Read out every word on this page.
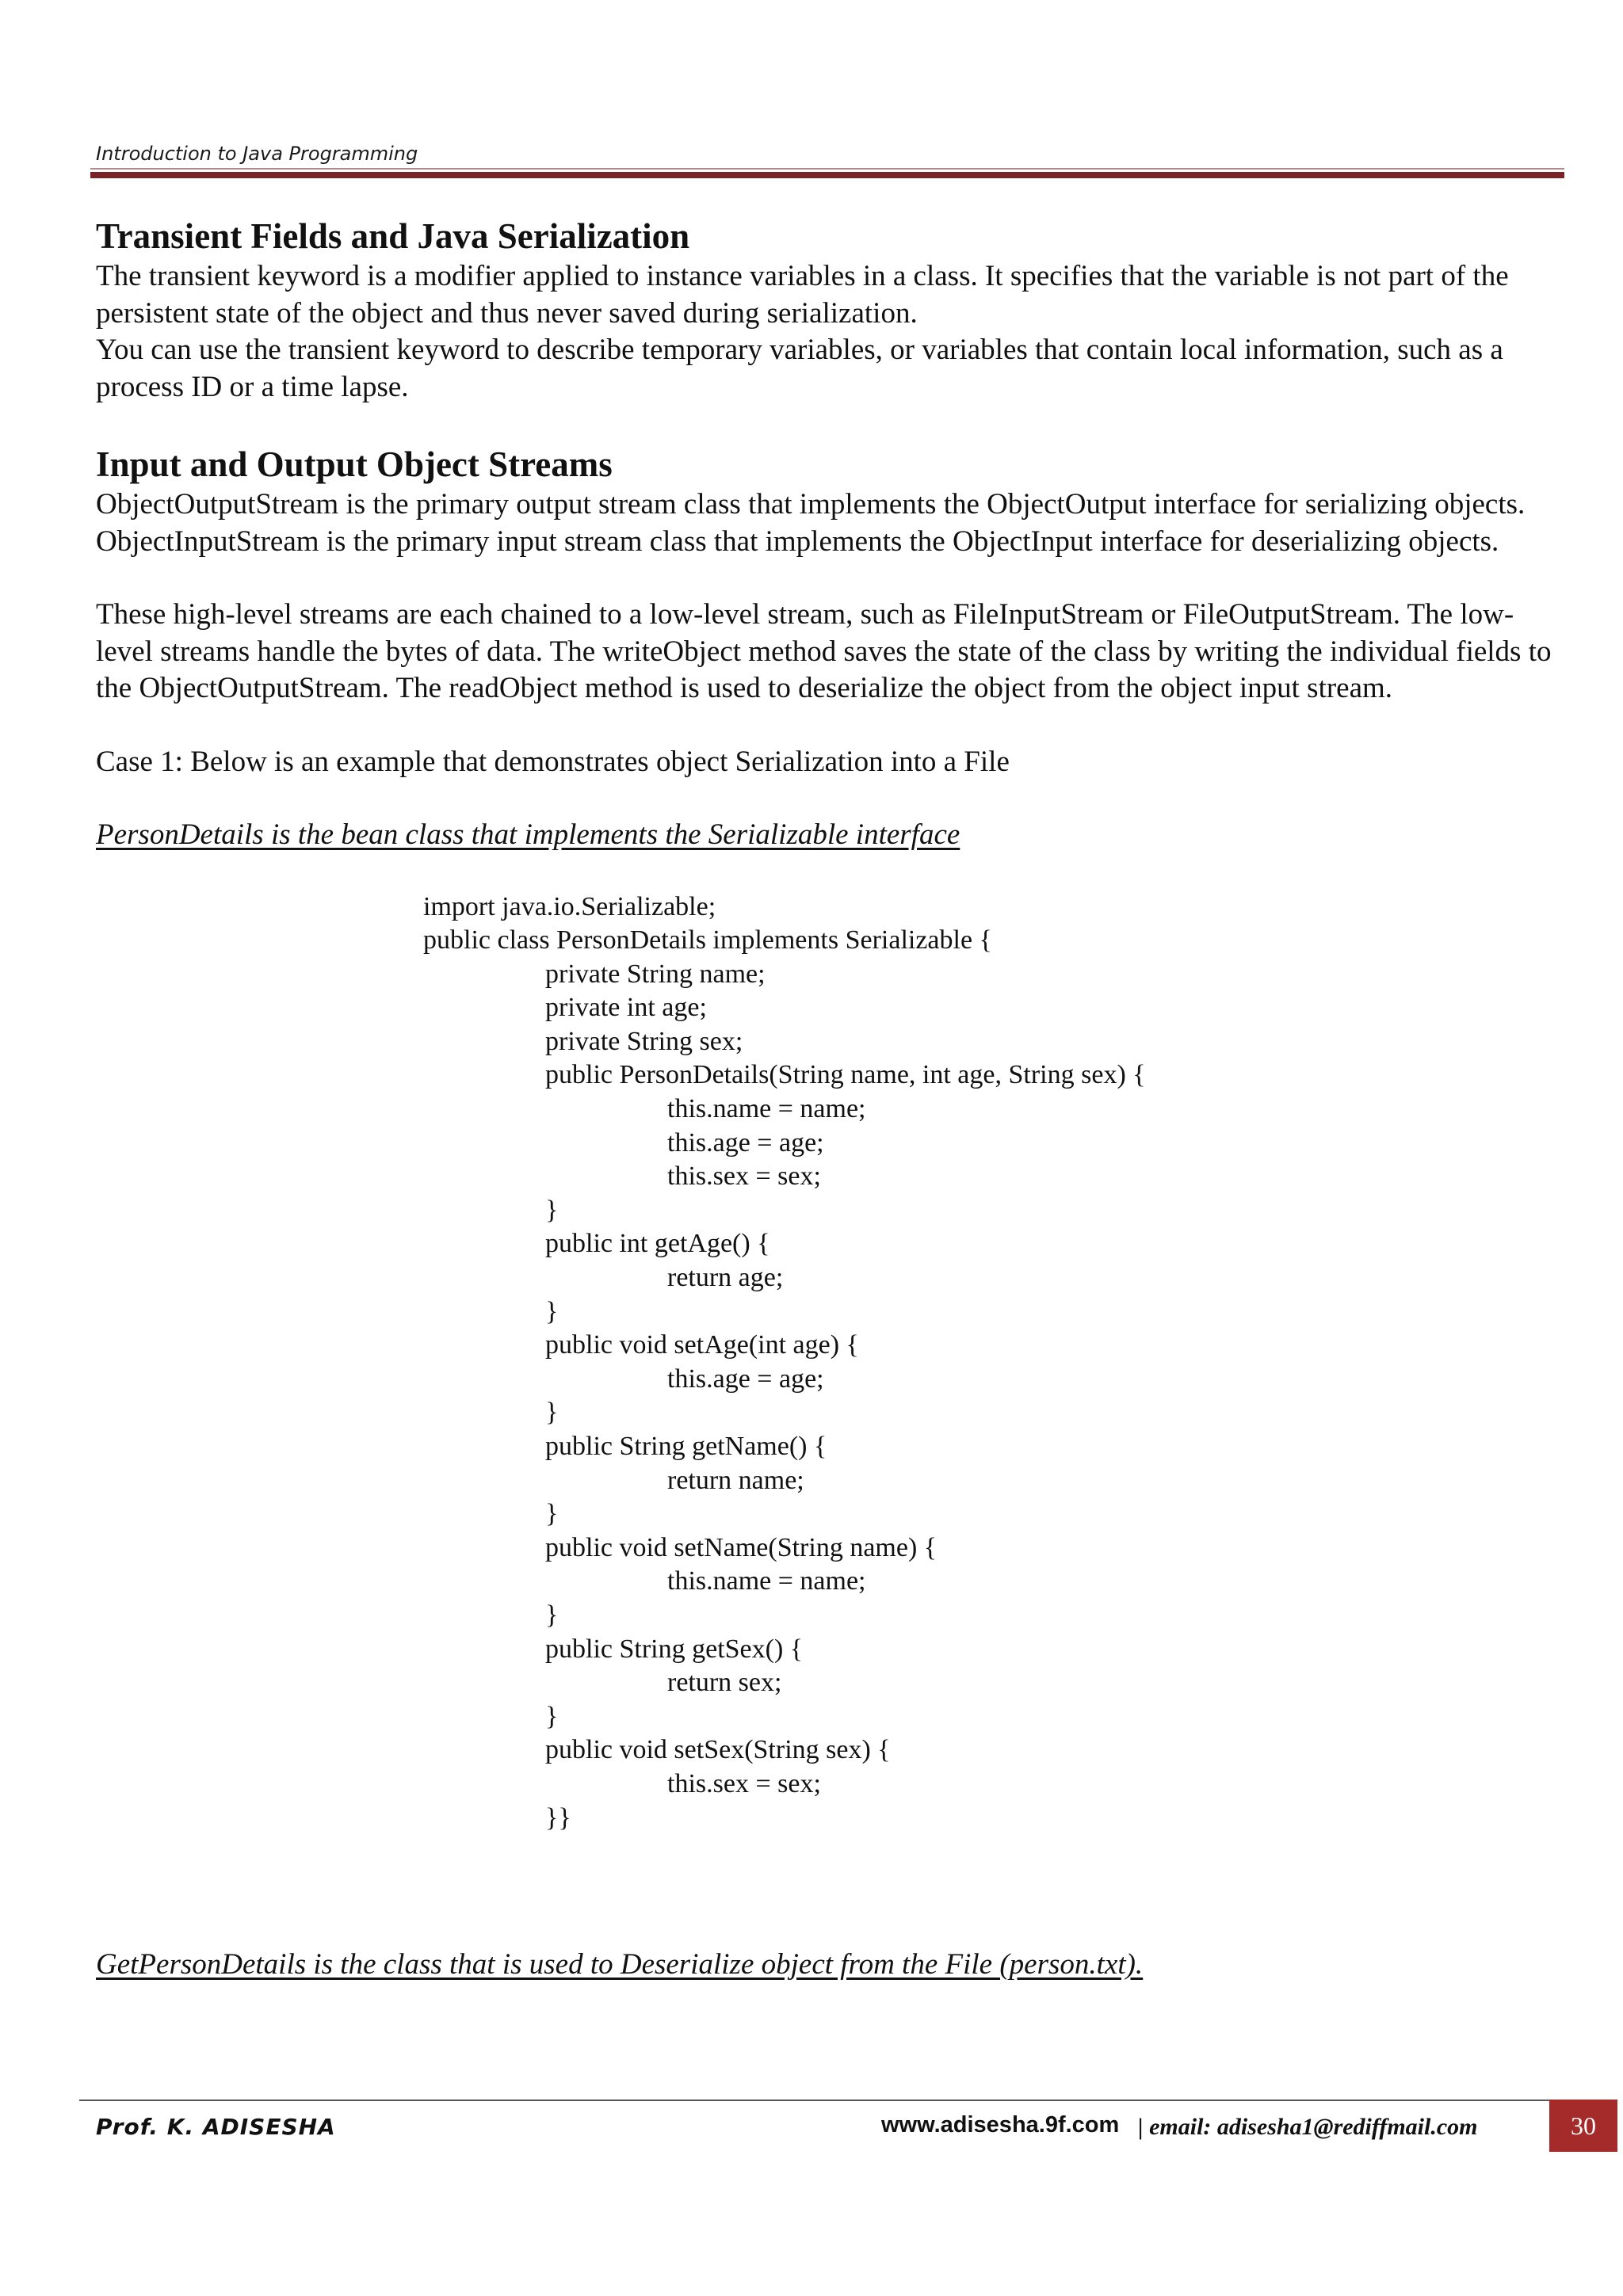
Introduction to Java Programming
Transient Fields and Java Serialization

The transient keyword is a modifier applied to instance variables in a class. It specifies that the variable is not part of the persistent state of the object and thus never saved during serialization.

You can use the transient keyword to describe temporary variables, or variables that contain local information, such as a process ID or a time lapse.

Input and Output Object Streams

ObjectOutputStream is the primary output stream class that implements the ObjectOutput interface for serializing objects. ObjectInputStream is the primary input stream class that implements the ObjectInput interface for deserializing objects.

These high-level streams are each chained to a low-level stream, such as FileInputStream or FileOutputStream. The low-level streams handle the bytes of data. The writeObject method saves the state of the class by writing the individual fields to the ObjectOutputStream. The readObject method is used to deserialize the object from the object input stream.

Case 1: Below is an example that demonstrates object Serialization into a File

PersonDetails is the bean class that implements the Serializable interface

import java.io.Serializable;
public class PersonDetails implements Serializable {
private String name;
private int age;
private String sex;
public PersonDetails(String name, int age, String sex) {
this.name = name;
this.age = age;
this.sex = sex;
}
public int getAge() {
return age;
}
public void setAge(int age) {
this.age = age;
}
public String getName() {
return name;
}
public void setName(String name) {
this.name = name;
}
public String getSex() {
return sex;
}
public void setSex(String sex) {
this.sex = sex;
}}
GetPersonDetails is the class that is used to Deserialize object from the File (person.txt).
Prof. K. ADISESHA	www.adisesha.9f.com | email: adisesha1@rediffmail.com	30
